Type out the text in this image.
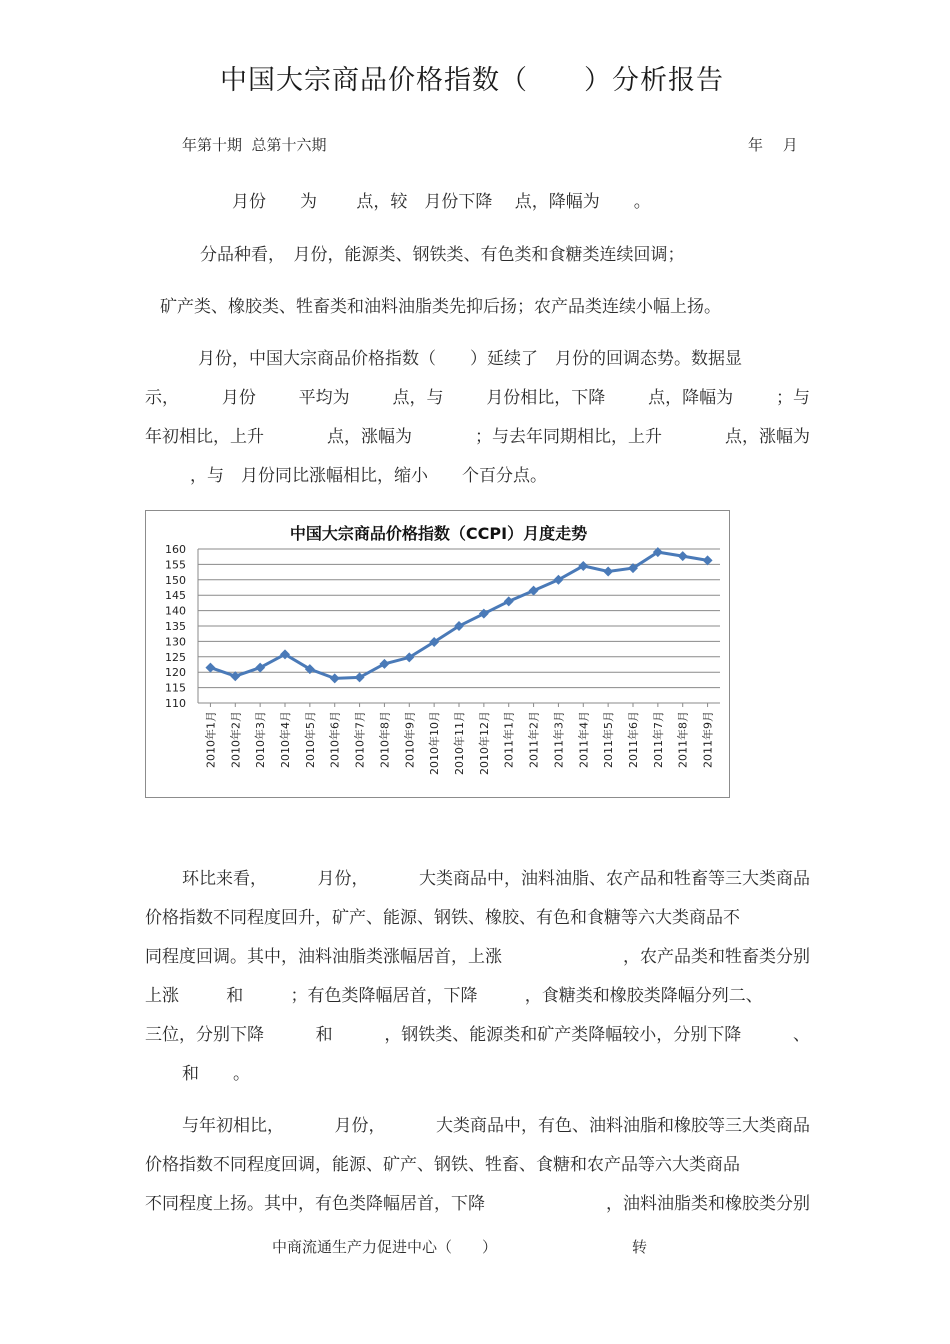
中国大宗商品价格指数（　　）分析报告
年第十期  总第十六期	年　 月
月份　　为　　 点，较　月份下降　 点，降幅为　　。
分品种看，　月份，能源类、钢铁类、有色类和食糖类连续回调；
矿产类、橡胶类、牲畜类和油料油脂类先抑后扬；农产品类连续小幅上扬。
月份，中国大宗商品价格指数（　　）延续了　月份的回调态势。数据显
示，	月份	平均为	点，与	月份相比，下降	点，降幅为	；与
年初相比，上升	点，涨幅为	；与去年同期相比，上升	点，涨幅为
，与　月份同比涨幅相比，缩小　　个百分点。
中国大宗商品价格指数（CCPI）月度走势
110
115
120
125
130
135
140
145
150
155
160
2010年1月 2010年2月 2010年3月 2010年4月 2010年5月 2010年6月 2010年7月 2010年8月 2010年9月 2010年10月 2010年11月 2010年12月 2011年1月 2011年2月 2011年3月 2011年4月 2011年5月 2011年6月 2011年7月 2011年8月 2011年9月
环比来看，	月份，	大类商品中，油料油脂、农产品和牲畜等三大类商品
价格指数不同程度回升，矿产、能源、钢铁、橡胶、有色和食糖等六大类商品不
同程度回调。其中，油料油脂类涨幅居首，上涨	，农产品类和牲畜类分别
上涨	和	；有色类降幅居首，下降	，食糖类和橡胶类降幅分列二、
三位，分别下降	和	，钢铁类、能源类和矿产类降幅较小，分别下降	、
和　　。
与年初相比，	月份，	大类商品中，有色、油料油脂和橡胶等三大类商品
价格指数不同程度回调，能源、矿产、钢铁、牲畜、食糖和农产品等六大类商品
不同程度上扬。其中，有色类降幅居首，下降	，油料油脂类和橡胶类分别
中商流通生产力促进中心（　　）	转
